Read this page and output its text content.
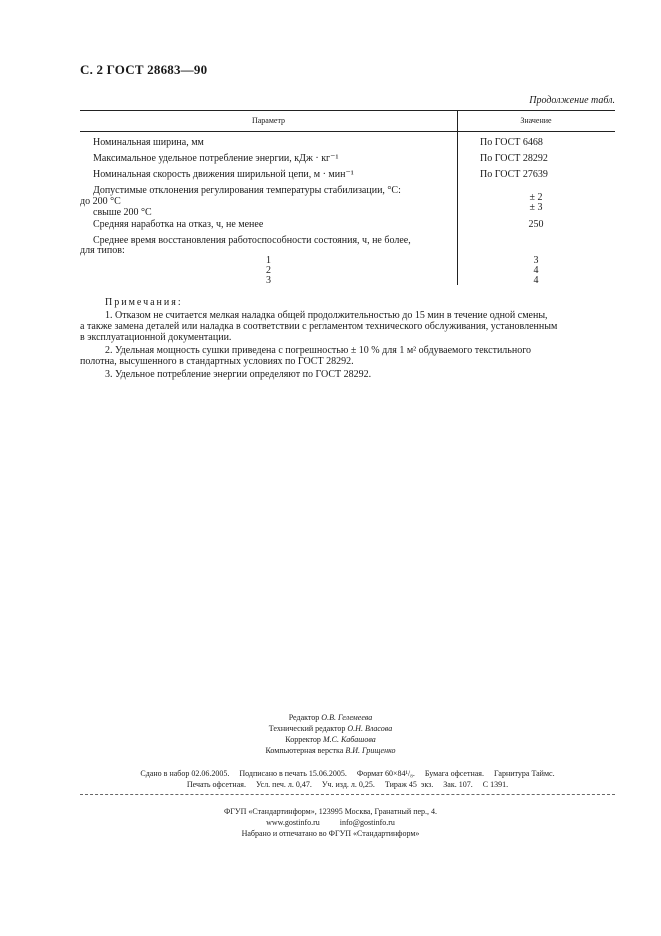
С. 2 ГОСТ 28683—90
Продолжение табл.
Параметр	Значение
Номинальная ширина, мм	По ГОСТ 6468
Максимальное удельное потребление энергии, кДж · кг⁻¹	По ГОСТ 28292
Номинальная скорость движения ширильной цепи, м · мин⁻¹	По ГОСТ 27639
Допустимые отклонения регулирования температуры стабилизации, °С:
до 200 °С	± 2
свыше 200 °С	± 3
Средняя наработка на отказ, ч, не менее	250
Среднее время восстановления работоспособности состояния, ч, не более,
для типов:
1	3
2	4
3	4
Примечания:

1. Отказом не считается мелкая наладка общей продолжительностью до 15 мин в течение одной смены,

а также замена деталей или наладка в соответствии с регламентом технического обслуживания, установленным

в эксплуатационной документации.

2. Удельная мощность сушки приведена с погрешностью ± 10 % для 1 м² обдуваемого текстильного

полотна, высушенного в стандартных условиях по ГОСТ 28292.

3. Удельное потребление энергии определяют по ГОСТ 28292.

Редактор О.В. Гелемеева
Технический редактор О.Н. Власова
Корректор М.С. Кабашова
Компьютерная верстка В.И. Грищенко
Сдано в набор 02.06.2005.     Подписано в печать 15.06.2005.     Формат 60×84¹/₈.     Бумага офсетная.     Гарнитура Таймс.
Печать офсетная.     Усл. печ. л. 0,47.     Уч. изд. л. 0,25.     Тираж 45  экз.     Зак. 107.     С 1391.
ФГУП «Стандартинформ», 123995 Москва, Гранатный пер., 4.
www.gostinfo.ru          info@gostinfo.ru
Набрано и отпечатано во ФГУП «Стандартинформ»
